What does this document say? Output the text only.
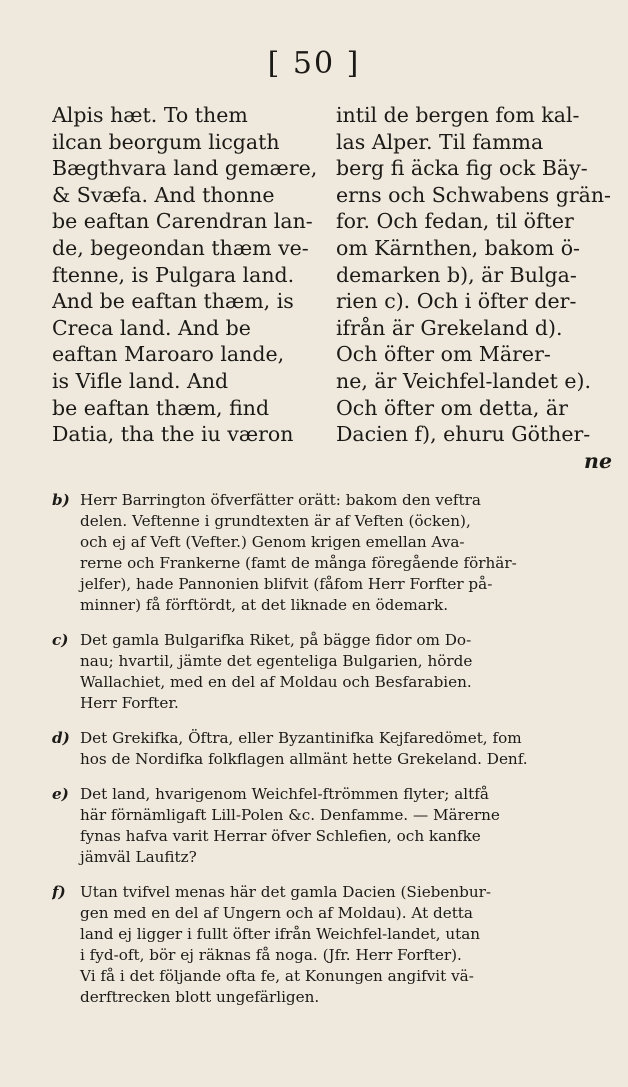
[ 50 ]
Alpis hæt. To them
ilcan beorgum licgath
Bægthvara land gemære,
& Svæfa. And thonne
be eaftan Carendran lan-
de, begeondan thæm ve-
ftenne, is Pulgara land.
And be eaftan thæm, is
Creca land. And be
eaftan Maroaro lande,
is Vifle land. And
be eaftan thæm, find
Datia, tha the iu væron
intil de bergen fom kal-
las Alper. Til famma
berg fi äcka fig ock Bäy-
erns och Schwabens grän-
for. Och fedan, til öfter
om Kärnthen, bakom ö-
demarken b), är Bulga-
rien c). Och i öfter der-
ifrån är Grekeland d).
Och öfter om Märer-
ne, är Veichfel-landet e).
Och öfter om detta, är
Dacien f), ehuru Göther-
ne
b) Herr Barrington öfverfätter orätt: bakom den veftra
delen. Veftenne i grundtexten är af Veften (öcken),
och ej af Veft (Vefter.) Genom krigen emellan Ava-
rerne och Frankerne (famt de många föregående förhär-
jelfer), hade Pannonien blifvit (fåfom Herr Forfter på-
minner) få förftördt, at det liknade en ödemark.
c) Det gamla Bulgarifka Riket, på bägge fidor om Do-
nau; hvartil, jämte det egenteliga Bulgarien, hörde
Wallachiet, med en del af Moldau och Besfarabien.
Herr Forfter.
d) Det Grekifka, Öftra, eller Byzantinifka Kejfaredömet, fom
hos de Nordifka folkflagen allmänt hette Grekeland. Denf.
e) Det land, hvarigenom Weichfel-ftrömmen flyter; altfå
här förnämligaft Lill-Polen &c. Denfamme. — Märerne
fynas hafva varit Herrar öfver Schlefien, och kanfke
jämväl Laufitz?
f) Utan tvifvel menas här det gamla Dacien (Siebenbur-
gen med en del af Ungern och af Moldau). At detta
land ej ligger i fullt öfter ifrån Weichfel-landet, utan
i fyd-oft, bör ej räknas få noga. (Jfr. Herr Forfter).
Vi få i det följande ofta fe, at Konungen angifvit vä-
derftrecken blott ungefärligen.
